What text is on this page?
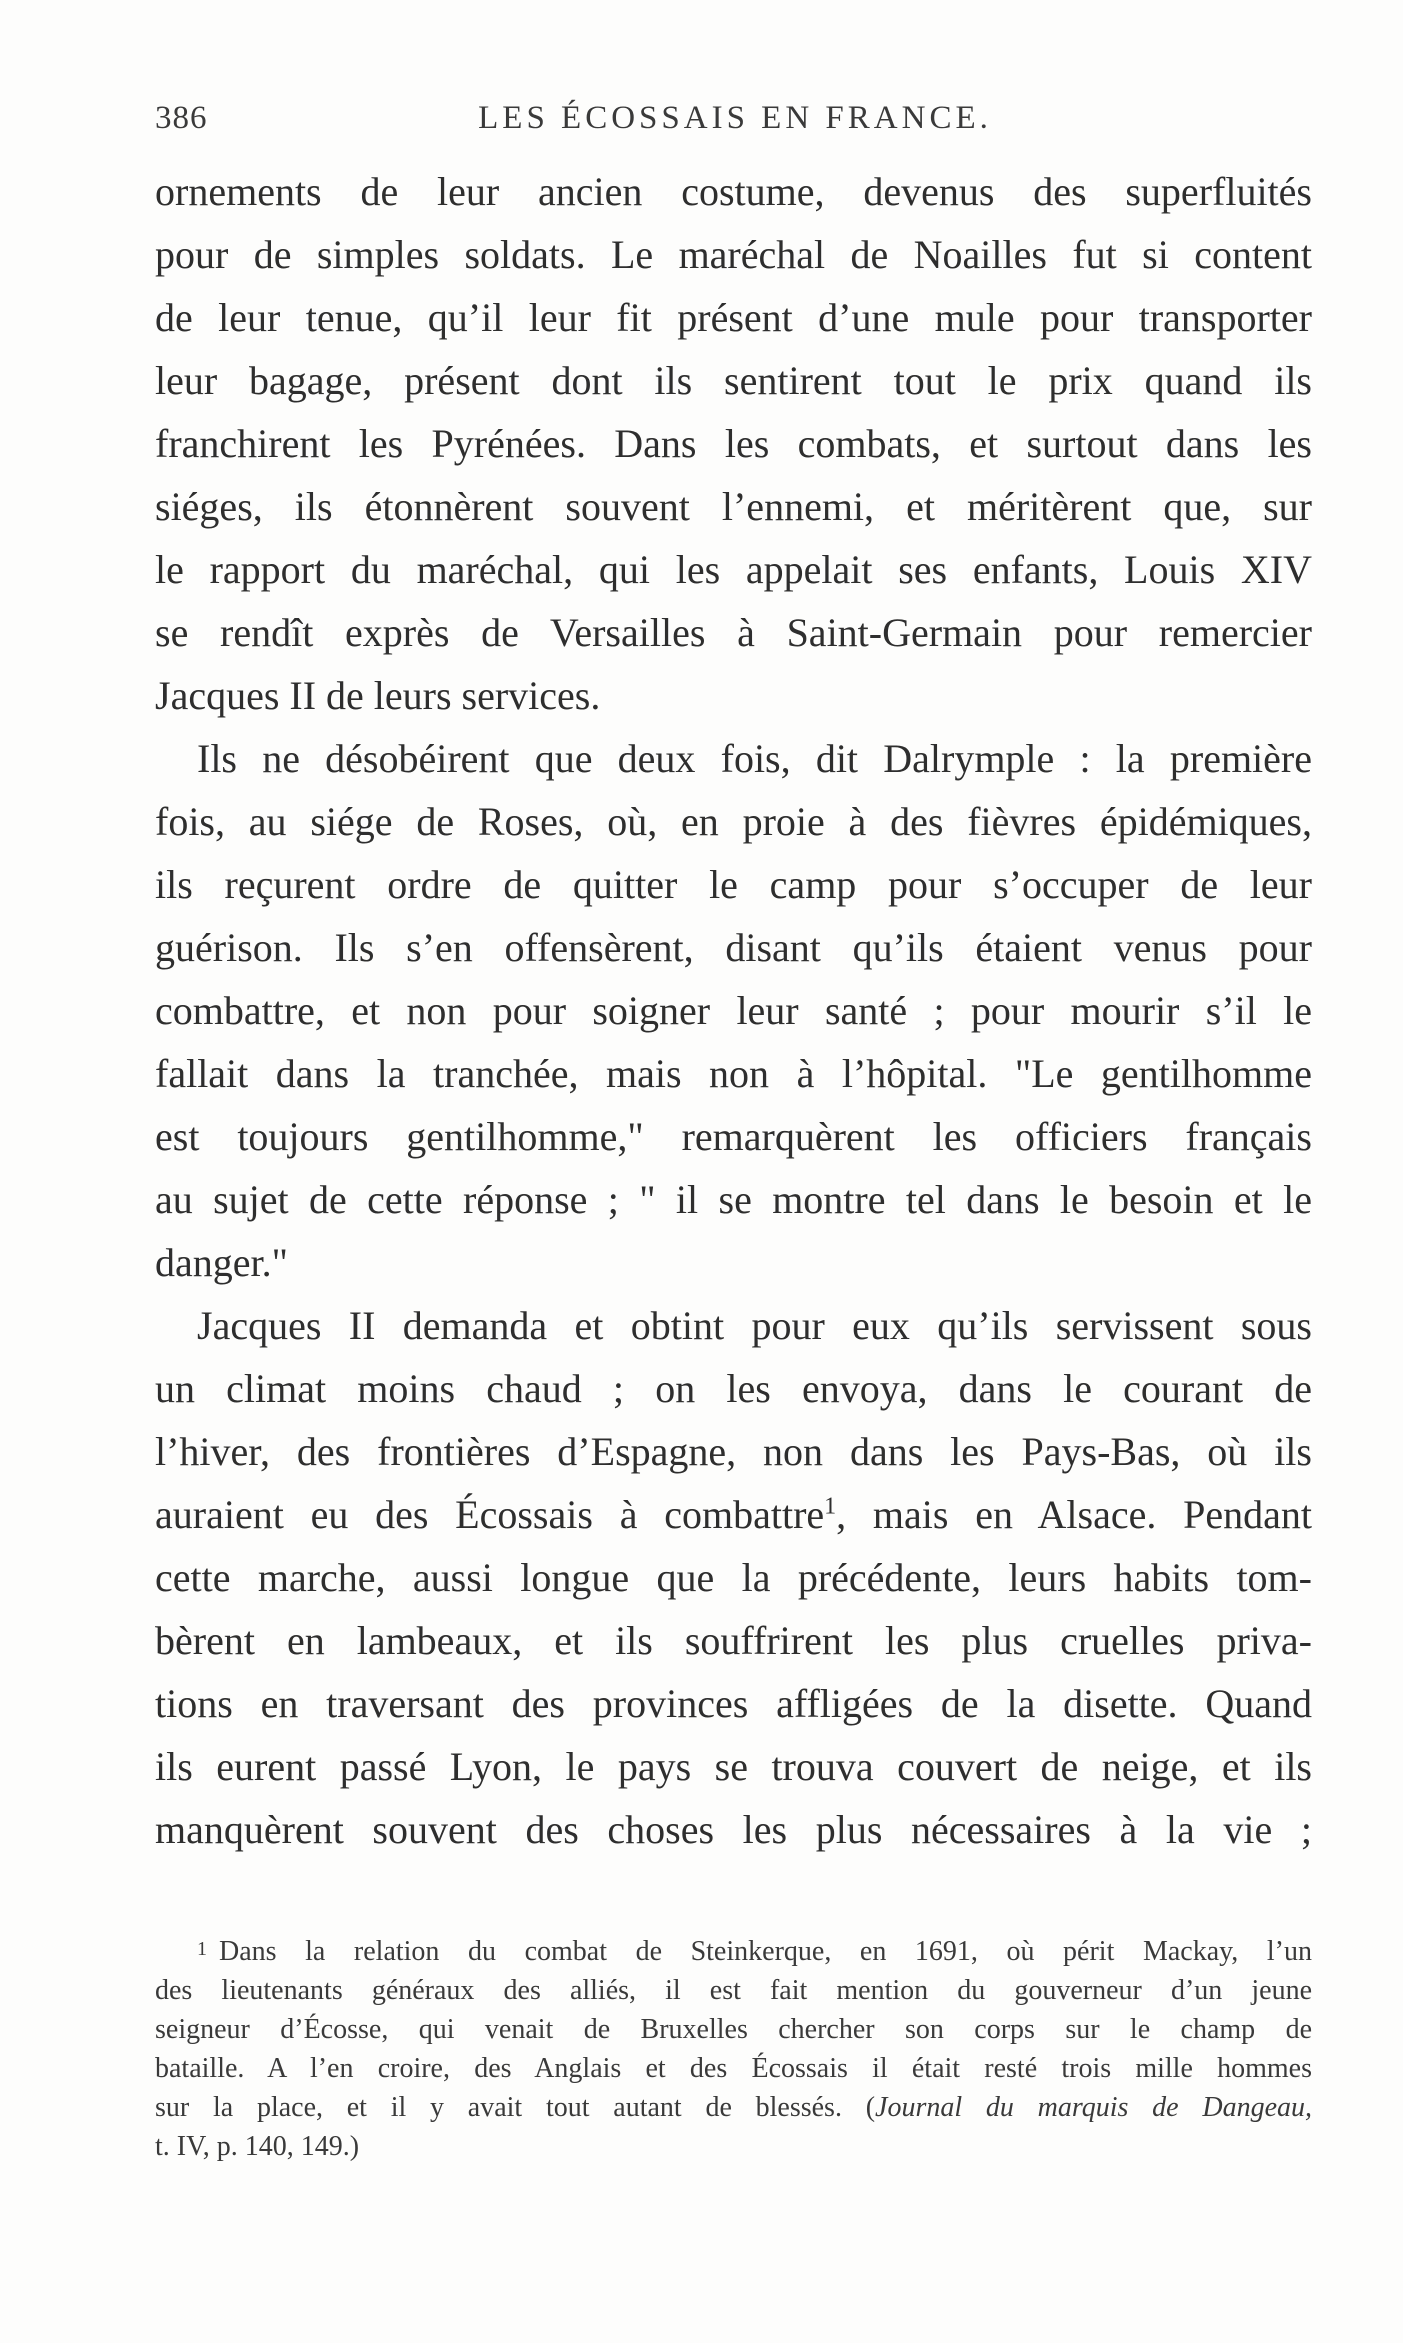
386	LES ÉCOSSAIS EN FRANCE.
ornements de leur ancien costume, devenus des superfluités
pour de simples soldats. Le maréchal de Noailles fut si content
de leur tenue, qu’il leur fit présent d’une mule pour transporter
leur bagage, présent dont ils sentirent tout le prix quand ils
franchirent les Pyrénées. Dans les combats, et surtout dans les
siéges, ils étonnèrent souvent l’ennemi, et méritèrent que, sur
le rapport du maréchal, qui les appelait ses enfants, Louis XIV
se rendît exprès de Versailles à Saint-Germain pour remercier
Jacques II de leurs services.
Ils ne désobéirent que deux fois, dit Dalrymple : la première
fois, au siége de Roses, où, en proie à des fièvres épidémiques,
ils reçurent ordre de quitter le camp pour s’occuper de leur
guérison. Ils s’en offensèrent, disant qu’ils étaient venus pour
combattre, et non pour soigner leur santé ; pour mourir s’il le
fallait dans la tranchée, mais non à l’hôpital. "Le gentilhomme
est toujours gentilhomme," remarquèrent les officiers français
au sujet de cette réponse ; " il se montre tel dans le besoin et le
danger."
Jacques II demanda et obtint pour eux qu’ils servissent sous
un climat moins chaud ; on les envoya, dans le courant de
l’hiver, des frontières d’Espagne, non dans les Pays-Bas, où ils
auraient eu des Écossais à combattre$^1$, mais en Alsace. Pendant
cette marche, aussi longue que la précédente, leurs habits tom-
bèrent en lambeaux, et ils souffrirent les plus cruelles priva-
tions en traversant des provinces affligées de la disette. Quand
ils eurent passé Lyon, le pays se trouva couvert de neige, et ils
manquèrent souvent des choses les plus nécessaires à la vie ;
$^1$ Dans la relation du combat de Steinkerque, en 1691, où périt Mackay, l’un
des lieutenants généraux des alliés, il est fait mention du gouverneur d’un jeune
seigneur d’Écosse, qui venait de Bruxelles chercher son corps sur le champ de
bataille. A l’en croire, des Anglais et des Écossais il était resté trois mille hommes
sur la place, et il y avait tout autant de blessés. (Journal du marquis de Dangeau,
t. IV, p. 140, 149.)
